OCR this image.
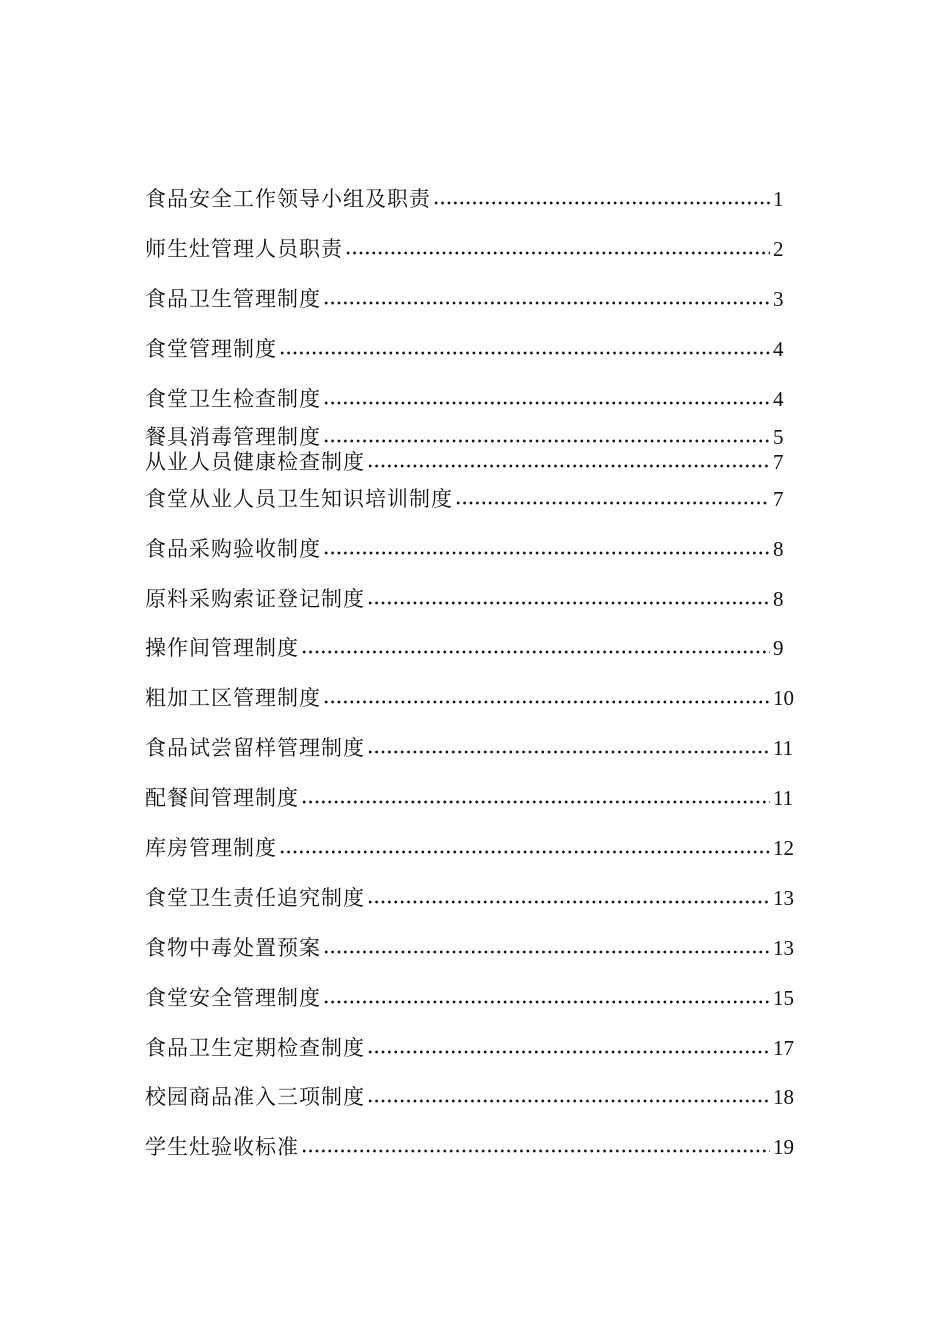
食品安全工作领导小组及职责	1
师生灶管理人员职责	2
食品卫生管理制度	3
食堂管理制度	4
食堂卫生检查制度	4
餐具消毒管理制度	5
从业人员健康检查制度	7
食堂从业人员卫生知识培训制度	7
食品采购验收制度	8
原料采购索证登记制度	8
操作间管理制度	9
粗加工区管理制度	10
食品试尝留样管理制度	11
配餐间管理制度	11
库房管理制度	12
食堂卫生责任追究制度	13
食物中毒处置预案	13
食堂安全管理制度	15
食品卫生定期检查制度	17
校园商品准入三项制度	18
学生灶验收标准	19
